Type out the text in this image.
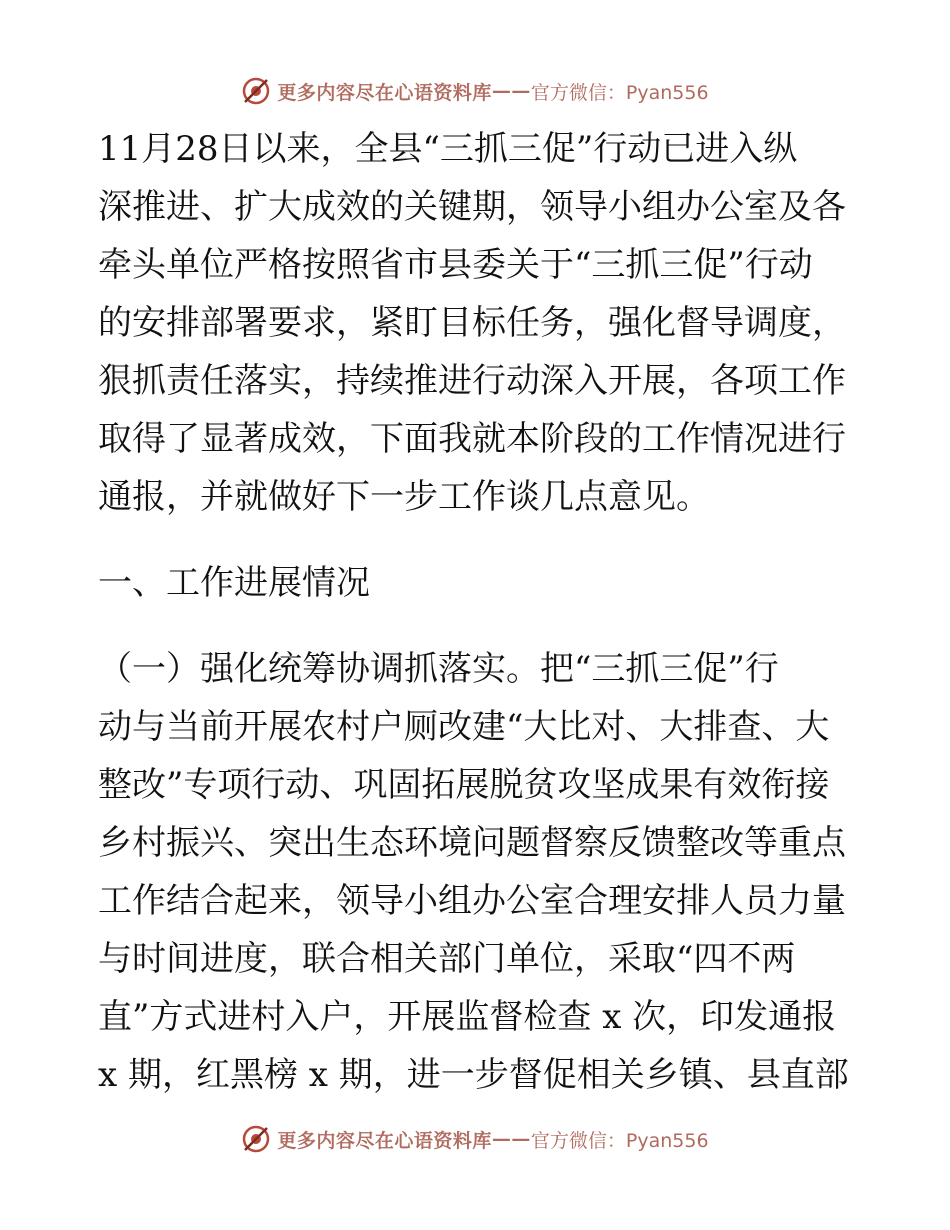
更多内容尽在心语资料库 —— 官方微信：Pyan556
11月28日以来，全县“三抓三促”行动已进入纵
深推进、扩大成效的关键期，领导小组办公室及各
牵头单位严格按照省市县委关于“三抓三促”行动
的安排部署要求，紧盯目标任务，强化督导调度，
狠抓责任落实，持续推进行动深入开展，各项工作
取得了显著成效，下面我就本阶段的工作情况进行
通报，并就做好下一步工作谈几点意见。
一、工作进展情况
（一）强化统筹协调抓落实。把“三抓三促”行
动与当前开展农村户厕改建“大比对、大排查、大
整改”专项行动、巩固拓展脱贫攻坚成果有效衔接
乡村振兴、突出生态环境问题督察反馈整改等重点
工作结合起来，领导小组办公室合理安排人员力量
与时间进度，联合相关部门单位，采取“四不两
直”方式进村入户，开展监督检查 x 次，印发通报
x 期，红黑榜 x 期，进一步督促相关乡镇、县直部
更多内容尽在心语资料库 —— 官方微信：Pyan556
